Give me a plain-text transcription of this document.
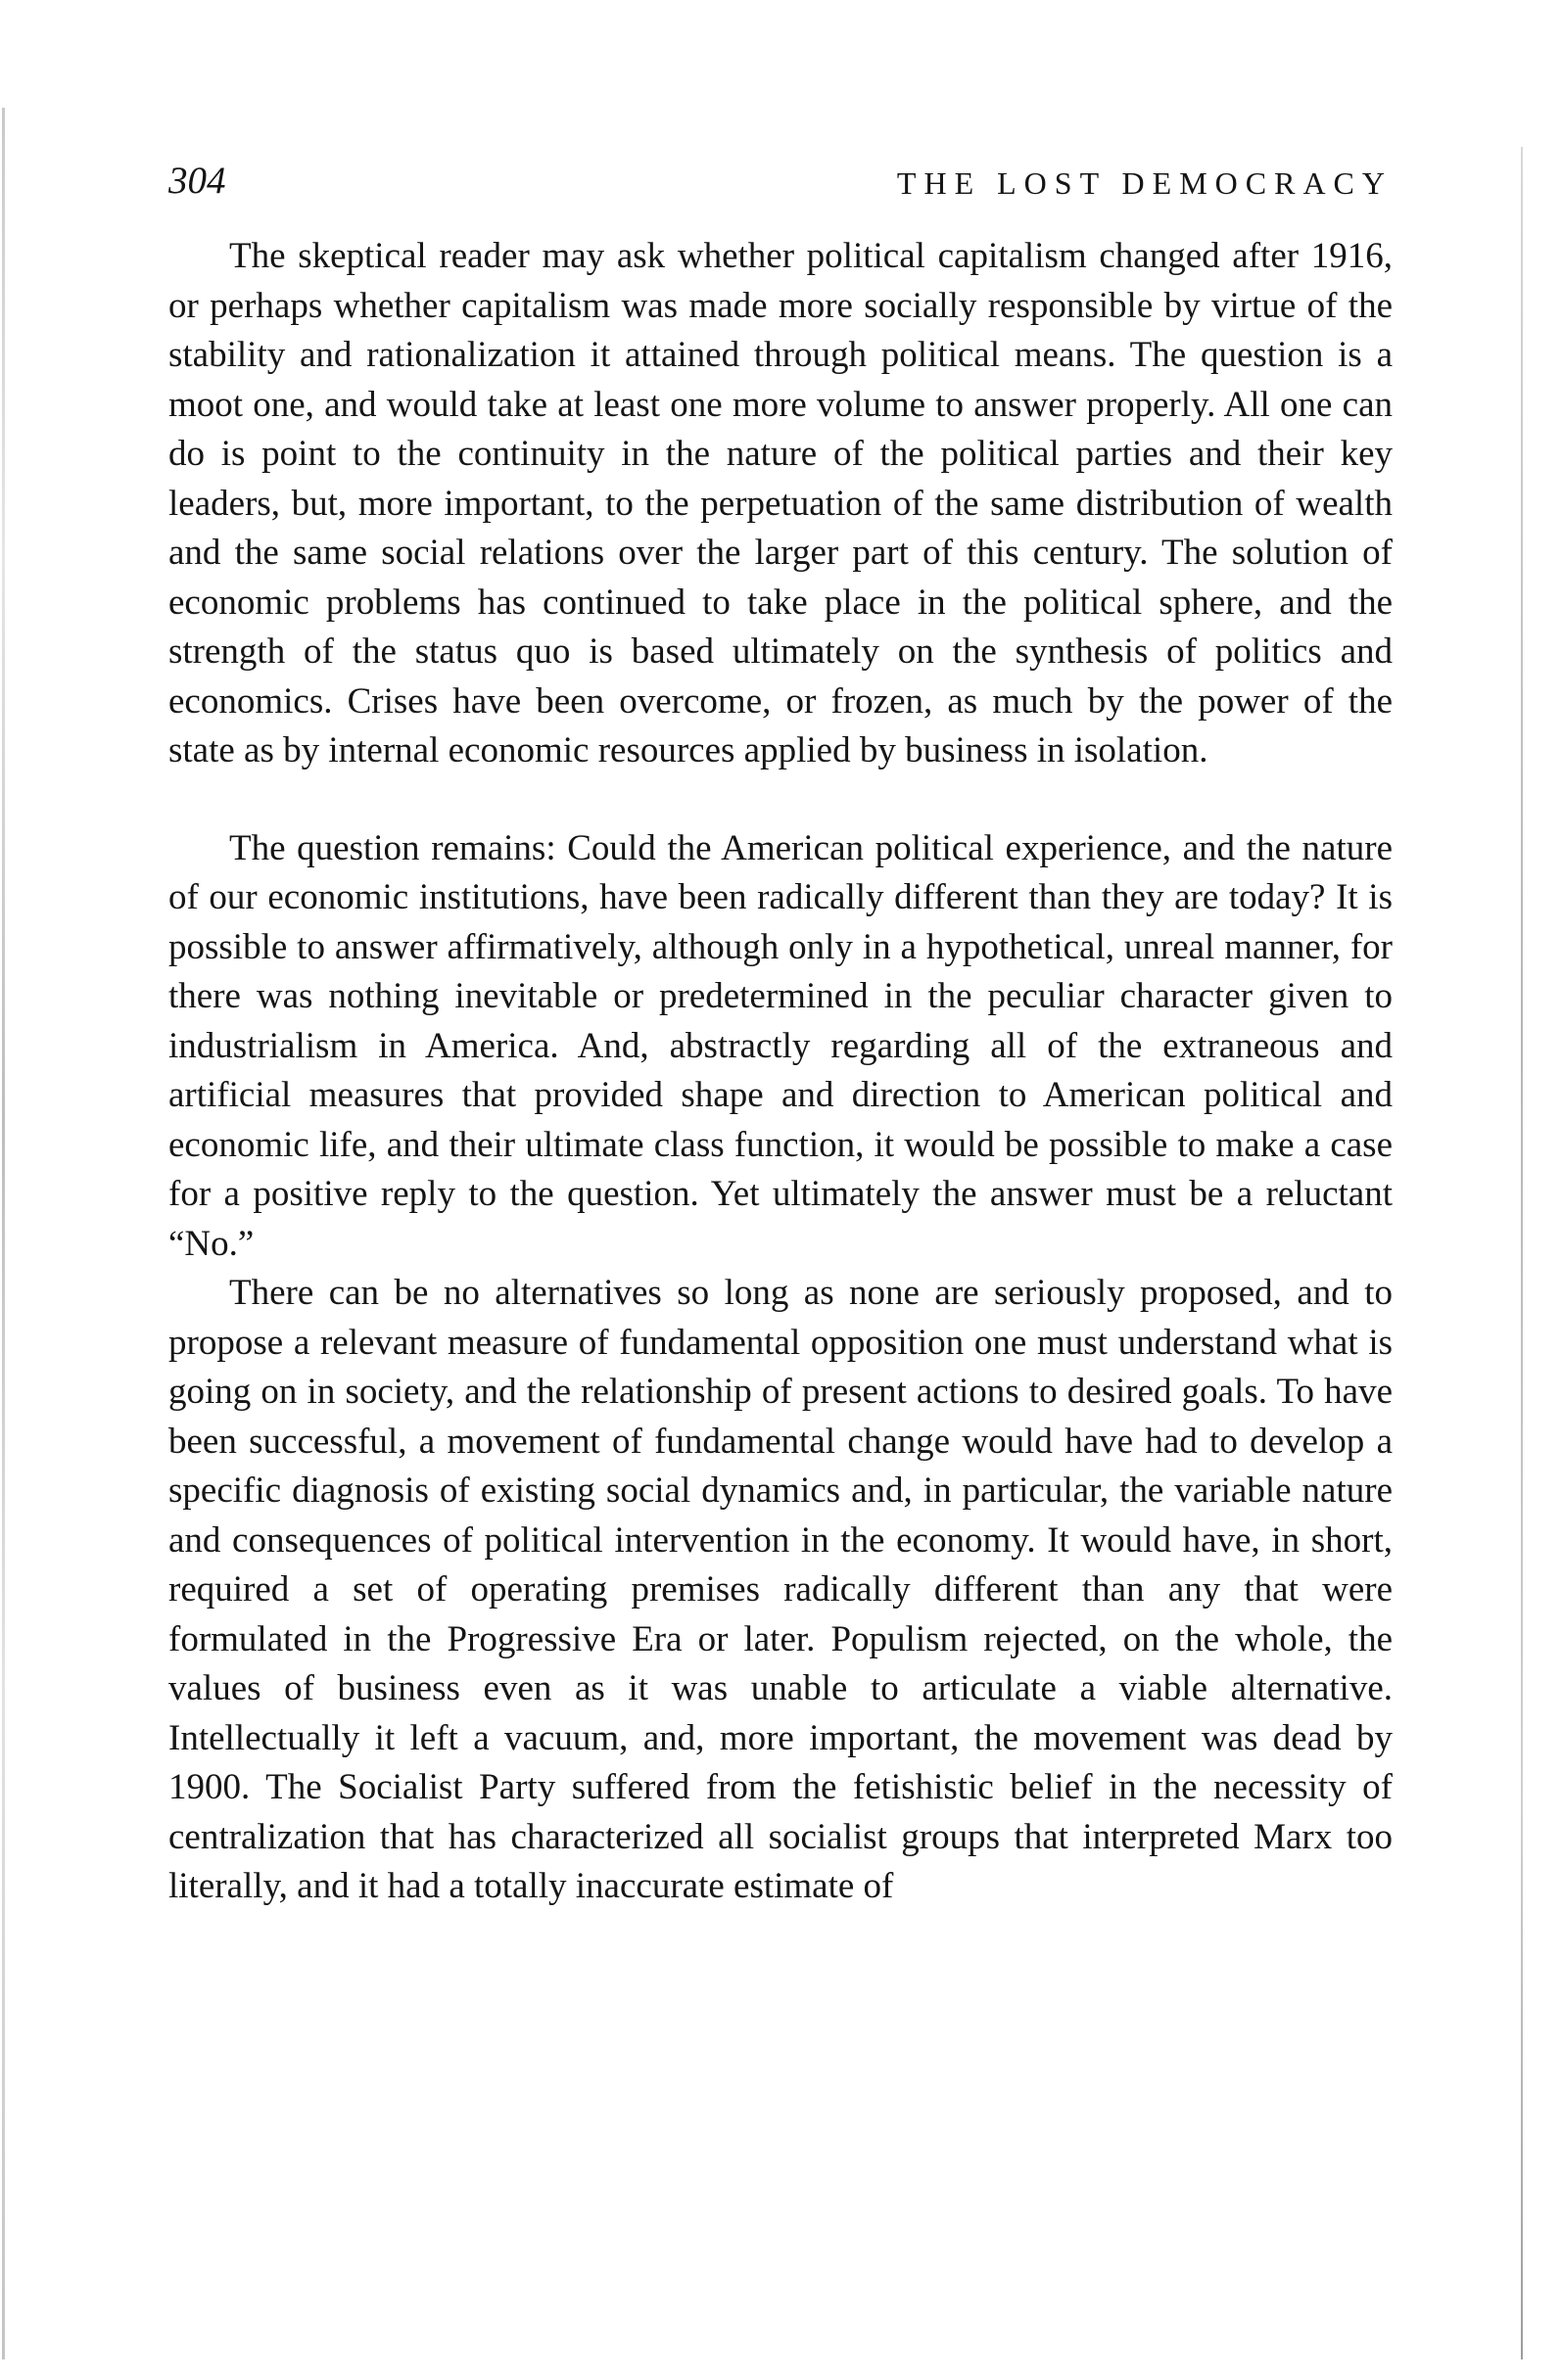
304	THE LOST DEMOCRACY

The skeptical reader may ask whether political capitalism changed after 1916, or perhaps whether capitalism was made more socially responsible by virtue of the stability and rationalization it attained through political means. The question is a moot one, and would take at least one more volume to answer properly. All one can do is point to the continuity in the nature of the political parties and their key leaders, but, more important, to the perpetuation of the same distribution of wealth and the same social relations over the larger part of this century. The solution of economic problems has continued to take place in the political sphere, and the strength of the status quo is based ultimately on the synthesis of politics and economics. Crises have been overcome, or frozen, as much by the power of the state as by internal economic resources applied by business in isolation.

The question remains: Could the American political experience, and the nature of our economic institutions, have been radically different than they are today? It is possible to answer affirmatively, although only in a hypothetical, unreal manner, for there was nothing inevitable or predetermined in the peculiar character given to industrialism in America. And, abstractly regarding all of the extraneous and artificial measures that provided shape and direction to American political and economic life, and their ultimate class function, it would be possible to make a case for a positive reply to the question. Yet ultimately the answer must be a reluctant “No.”

There can be no alternatives so long as none are seriously proposed, and to propose a relevant measure of fundamental opposition one must understand what is going on in society, and the relationship of present actions to desired goals. To have been successful, a movement of fundamental change would have had to develop a specific diagnosis of existing social dynamics and, in particular, the variable nature and consequences of political intervention in the economy. It would have, in short, required a set of operating premises radically different than any that were formulated in the Progressive Era or later. Populism rejected, on the whole, the values of business even as it was unable to articulate a viable alternative. Intellectually it left a vacuum, and, more important, the movement was dead by 1900. The Socialist Party suffered from the fetishistic belief in the necessity of centralization that has characterized all socialist groups that interpreted Marx too literally, and it had a totally inaccurate estimate of
